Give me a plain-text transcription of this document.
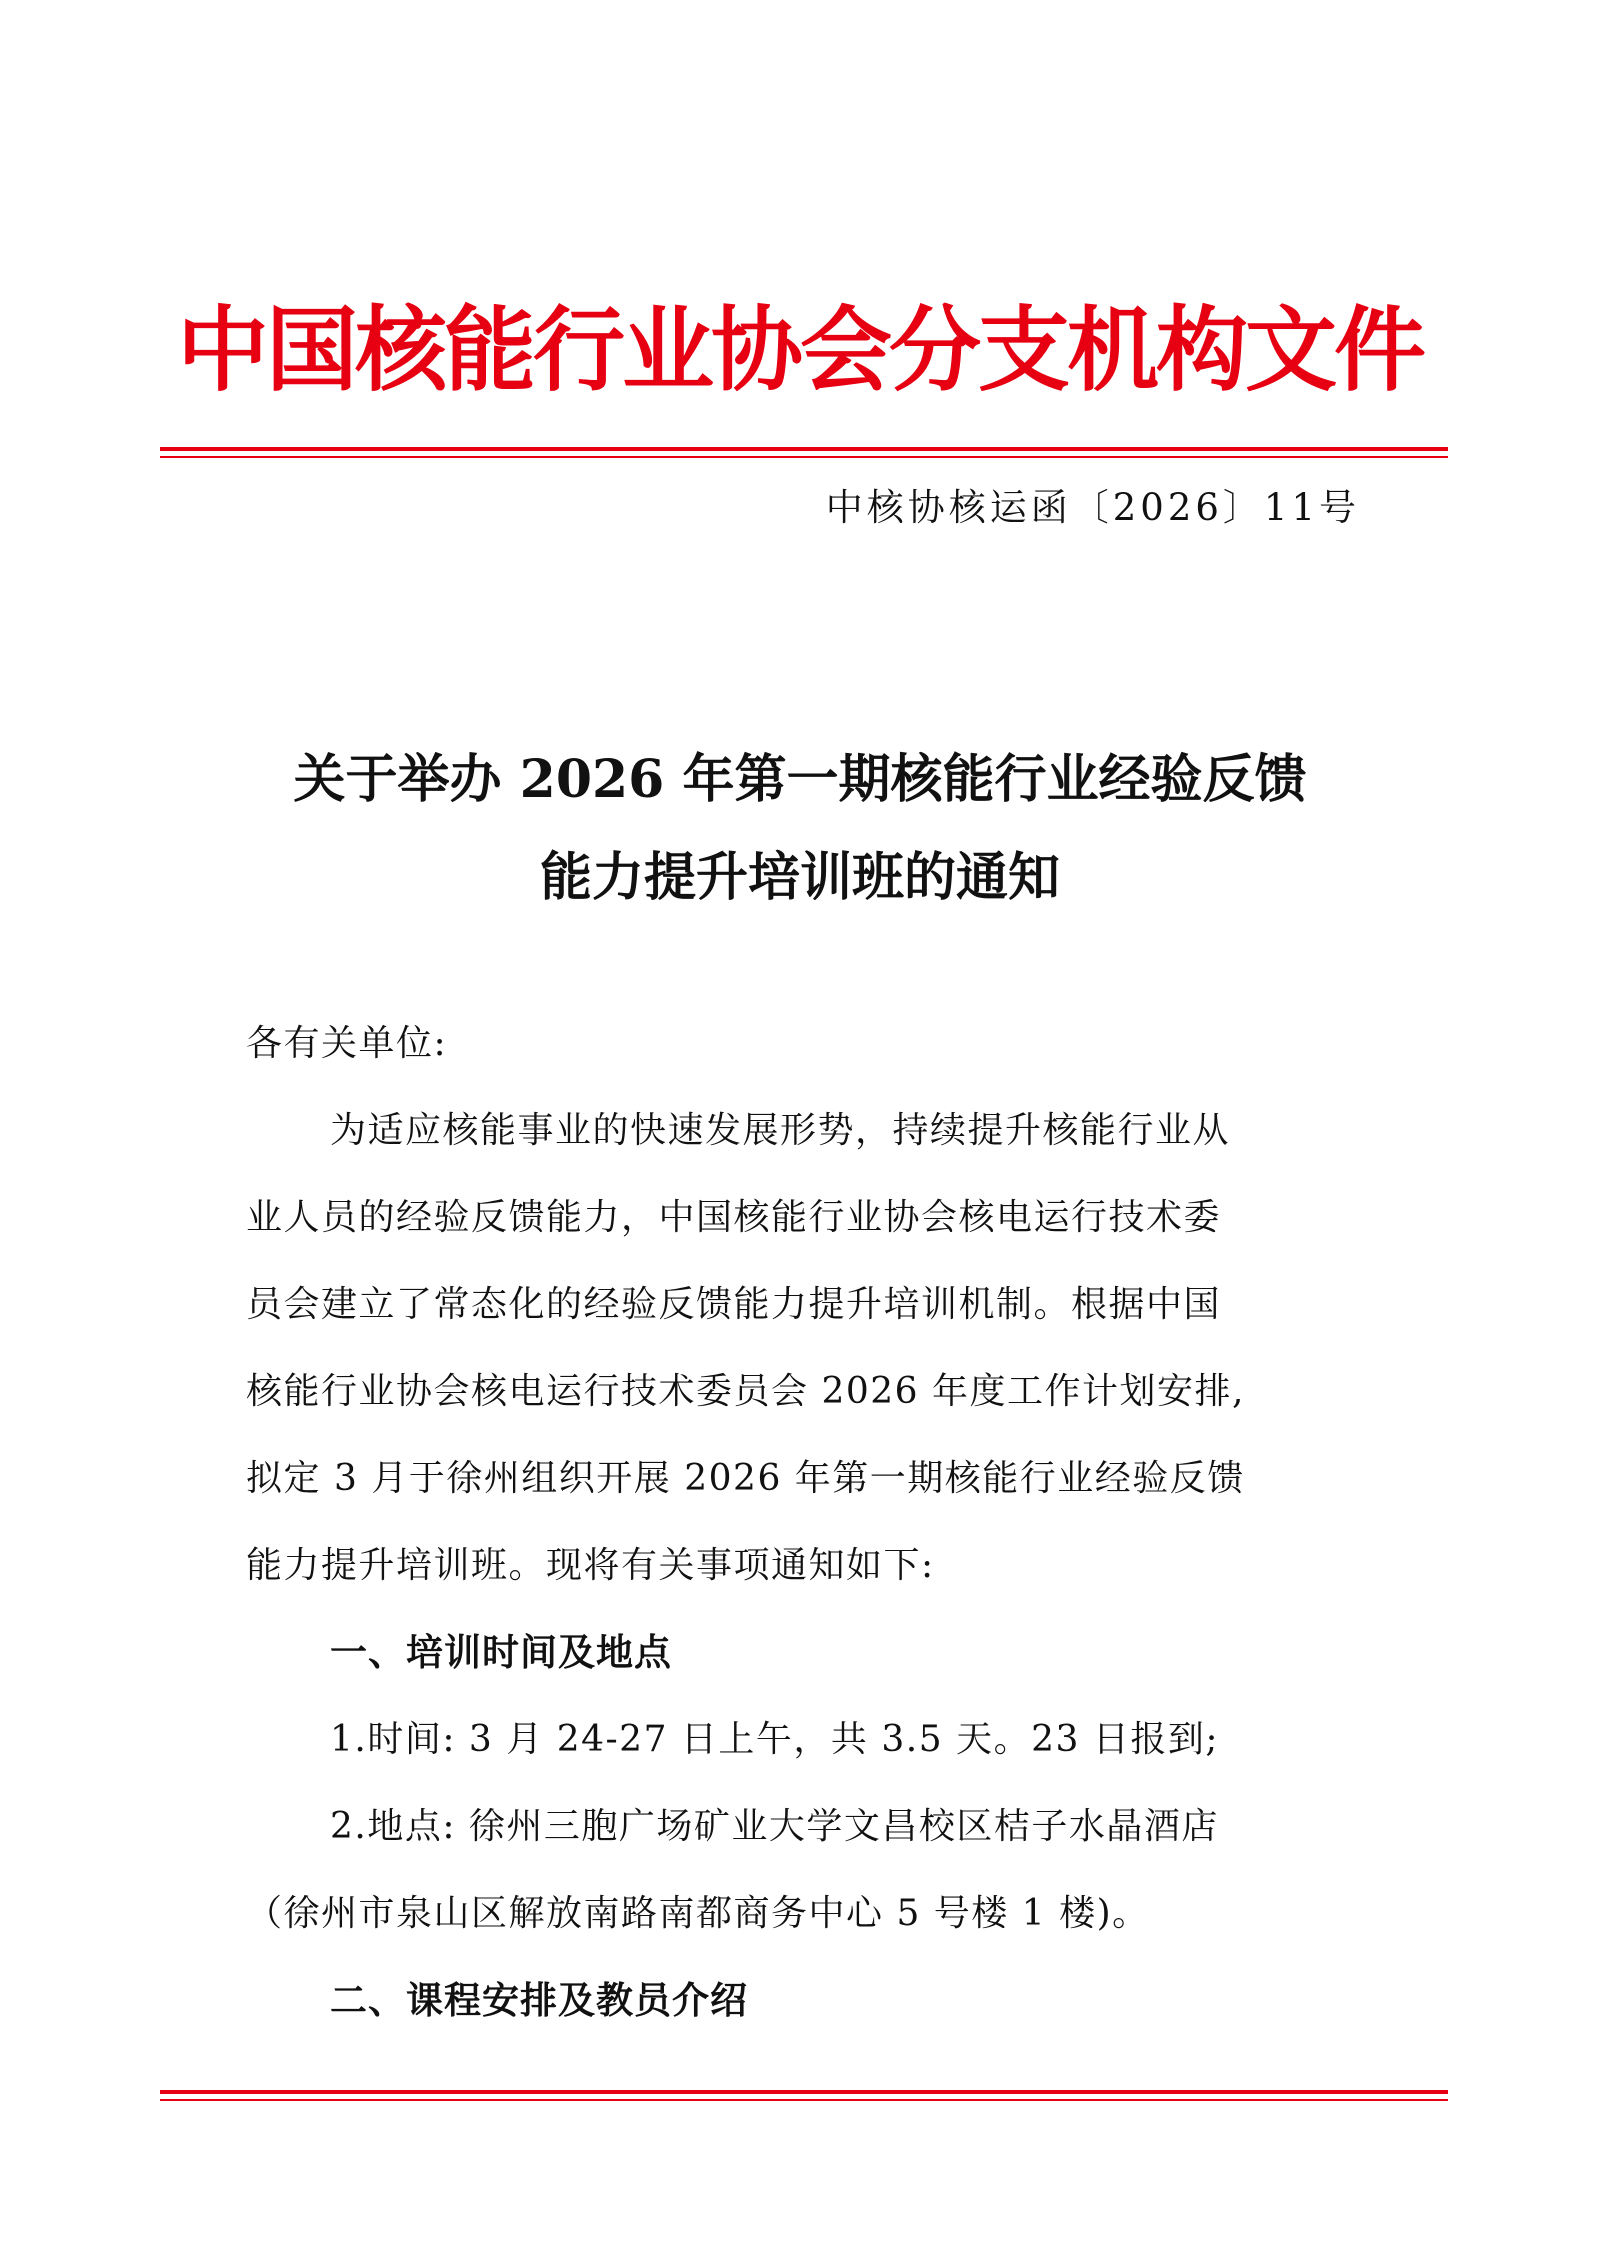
中国核能行业协会分支机构文件
中核协核运函〔2026〕11号
关于举办 2026 年第一期核能行业经验反馈
能力提升培训班的通知
各有关单位:
为适应核能事业的快速发展形势，持续提升核能行业从
业人员的经验反馈能力，中国核能行业协会核电运行技术委
员会建立了常态化的经验反馈能力提升培训机制。根据中国
核能行业协会核电运行技术委员会 2026 年度工作计划安排,
拟定 3 月于徐州组织开展 2026 年第一期核能行业经验反馈
能力提升培训班。现将有关事项通知如下:
一、培训时间及地点
1.时间: 3 月 24-27 日上午，共 3.5 天。23 日报到;
2.地点: 徐州三胞广场矿业大学文昌校区桔子水晶酒店
（徐州市泉山区解放南路南都商务中心 5 号楼 1 楼)。
二、课程安排及教员介绍
